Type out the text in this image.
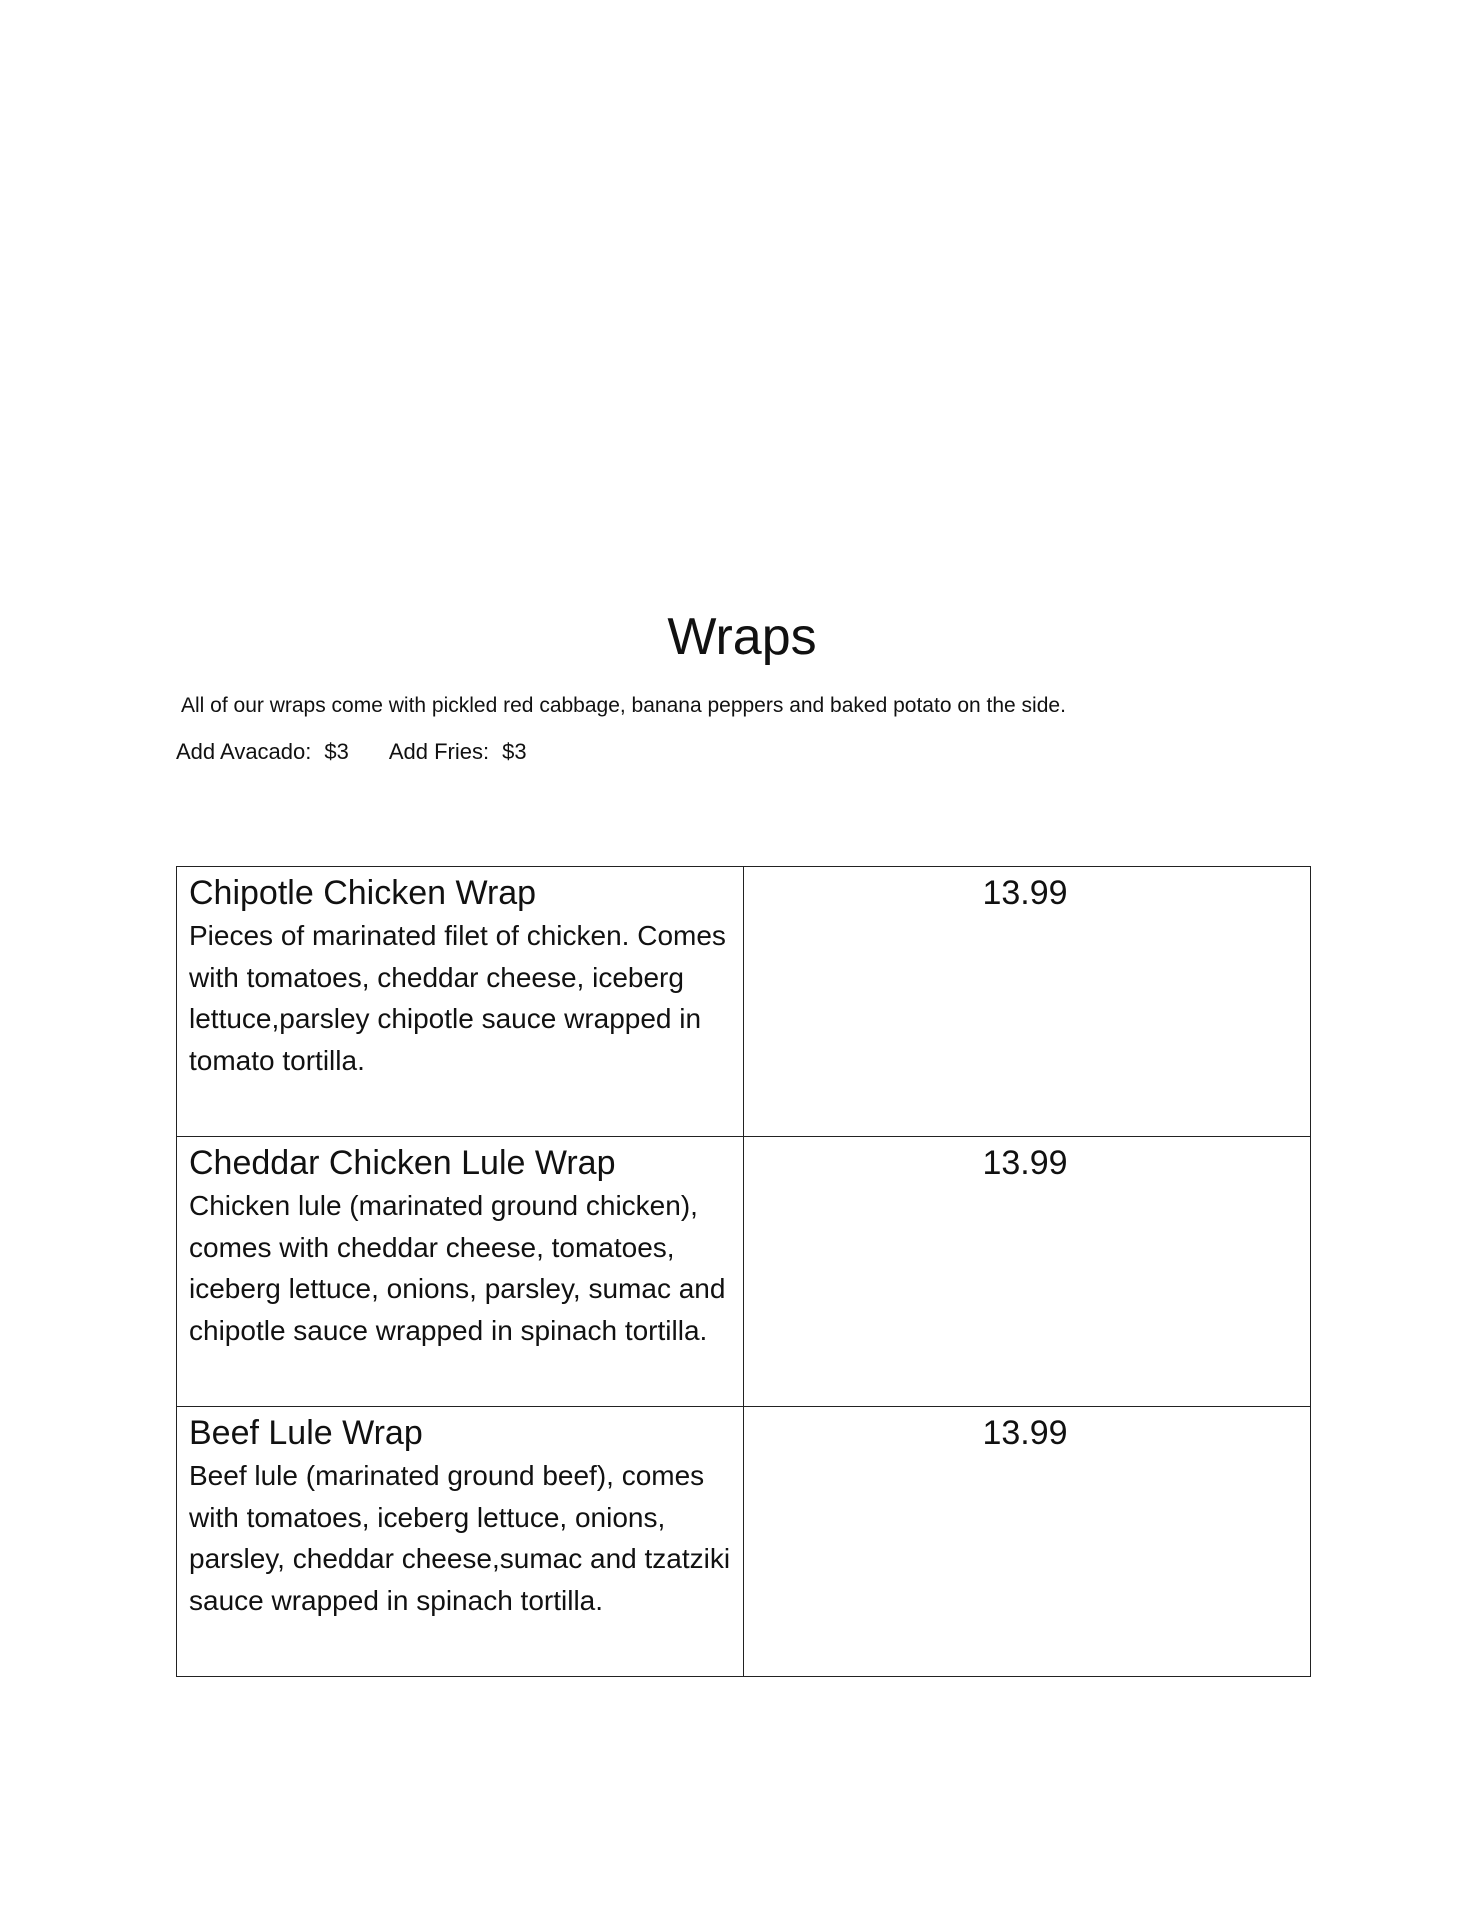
Wraps

All of our wraps come with pickled red cabbage, banana peppers and baked potato on the side.

Add Avacado: $3 Add Fries: $3
Chipotle Chicken Wrap
Pieces of marinated filet of chicken. Comes with tomatoes, cheddar cheese, iceberg lettuce,parsley chipotle sauce wrapped in tomato tortilla.	13.99

Cheddar Chicken Lule Wrap
Chicken lule (marinated ground chicken), comes with cheddar cheese, tomatoes, iceberg lettuce, onions, parsley, sumac and chipotle sauce wrapped in spinach tortilla.	13.99

Beef Lule Wrap
Beef lule (marinated ground beef), comes with tomatoes, iceberg lettuce, onions, parsley, cheddar cheese,sumac and tzatziki sauce wrapped in spinach tortilla.	13.99
